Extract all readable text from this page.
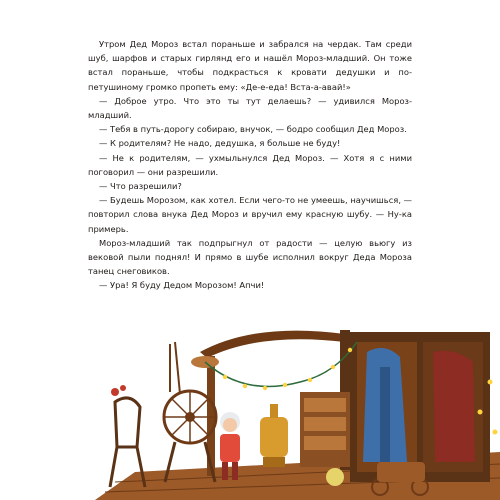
Утром Дед Мороз встал пораньше и забрался на чердак. Там среди шуб, шарфов и старых гирлянд его и нашёл Мороз-младший. Он тоже встал пораньше, чтобы подкрасться к кровати дедушки и по-петушиному громко пропеть ему: «Де-е-еда! Вста-а-авай!»

— Доброе утро. Что это ты тут делаешь? — удивился Мороз-младший.

— Тебя в путь-дорогу собираю, внучок, — бодро сообщил Дед Мороз.

— К родителям? Не надо, дедушка, я больше не буду!

— Не к родителям, — ухмыльнулся Дед Мороз. — Хотя я с ними поговорил — они разрешили.

— Что разрешили?

— Будешь Морозом, как хотел. Если чего-то не умеешь, научишься, — повторил слова внука Дед Мороз и вручил ему красную шубу. — Ну-ка примерь.

Мороз-младший так подпрыгнул от радости — целую вьюгу из вековой пыли поднял! И прямо в шубе исполнил вокруг Деда Мороза танец снеговиков.

— Ура! Я буду Дедом Морозом! Апчи!
